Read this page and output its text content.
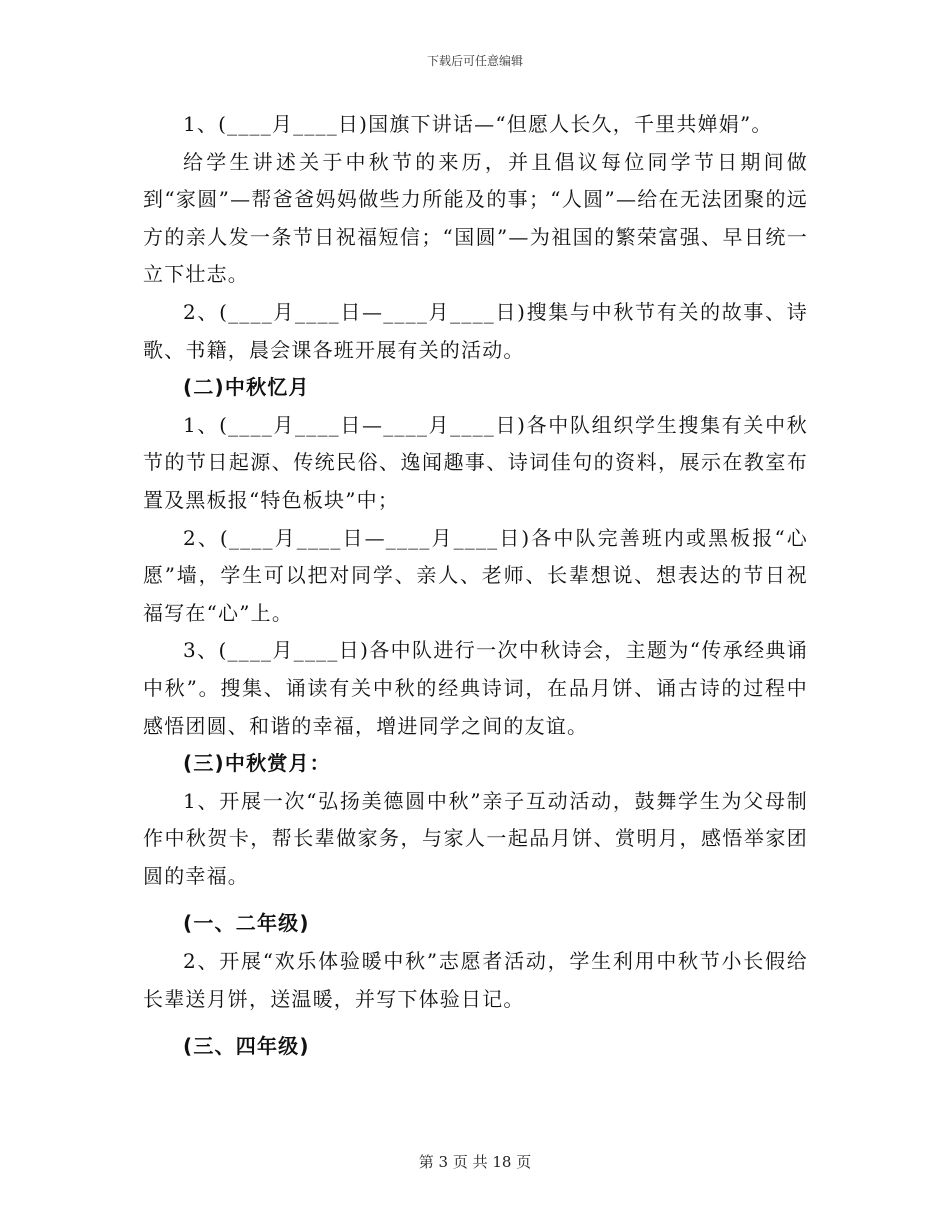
下载后可任意编辑

1、(____月____日)国旗下讲话—“但愿人长久，千里共婵娟”。

给学生讲述关于中秋节的来历，并且倡议每位同学节日期间做到“家圆”—帮爸爸妈妈做些力所能及的事；“人圆”—给在无法团聚的远方的亲人发一条节日祝福短信；“国圆”—为祖国的繁荣富强、早日统一立下壮志。

2、(____月____日—____月____日)搜集与中秋节有关的故事、诗歌、书籍，晨会课各班开展有关的活动。

(二)中秋忆月

1、(____月____日—____月____日)各中队组织学生搜集有关中秋节的节日起源、传统民俗、逸闻趣事、诗词佳句的资料，展示在教室布置及黑板报“特色板块”中；

2、(____月____日—____月____日)各中队完善班内或黑板报“心愿”墙，学生可以把对同学、亲人、老师、长辈想说、想表达的节日祝福写在“心”上。

3、(____月____日)各中队进行一次中秋诗会，主题为“传承经典诵中秋”。搜集、诵读有关中秋的经典诗词，在品月饼、诵古诗的过程中感悟团圆、和谐的幸福，增进同学之间的友谊。

(三)中秋赏月：

1、开展一次“弘扬美德圆中秋”亲子互动活动，鼓舞学生为父母制作中秋贺卡，帮长辈做家务，与家人一起品月饼、赏明月，感悟举家团圆的幸福。

(一、二年级)

2、开展“欢乐体验暖中秋”志愿者活动，学生利用中秋节小长假给长辈送月饼，送温暖，并写下体验日记。

(三、四年级)

第 3 页 共 18 页
